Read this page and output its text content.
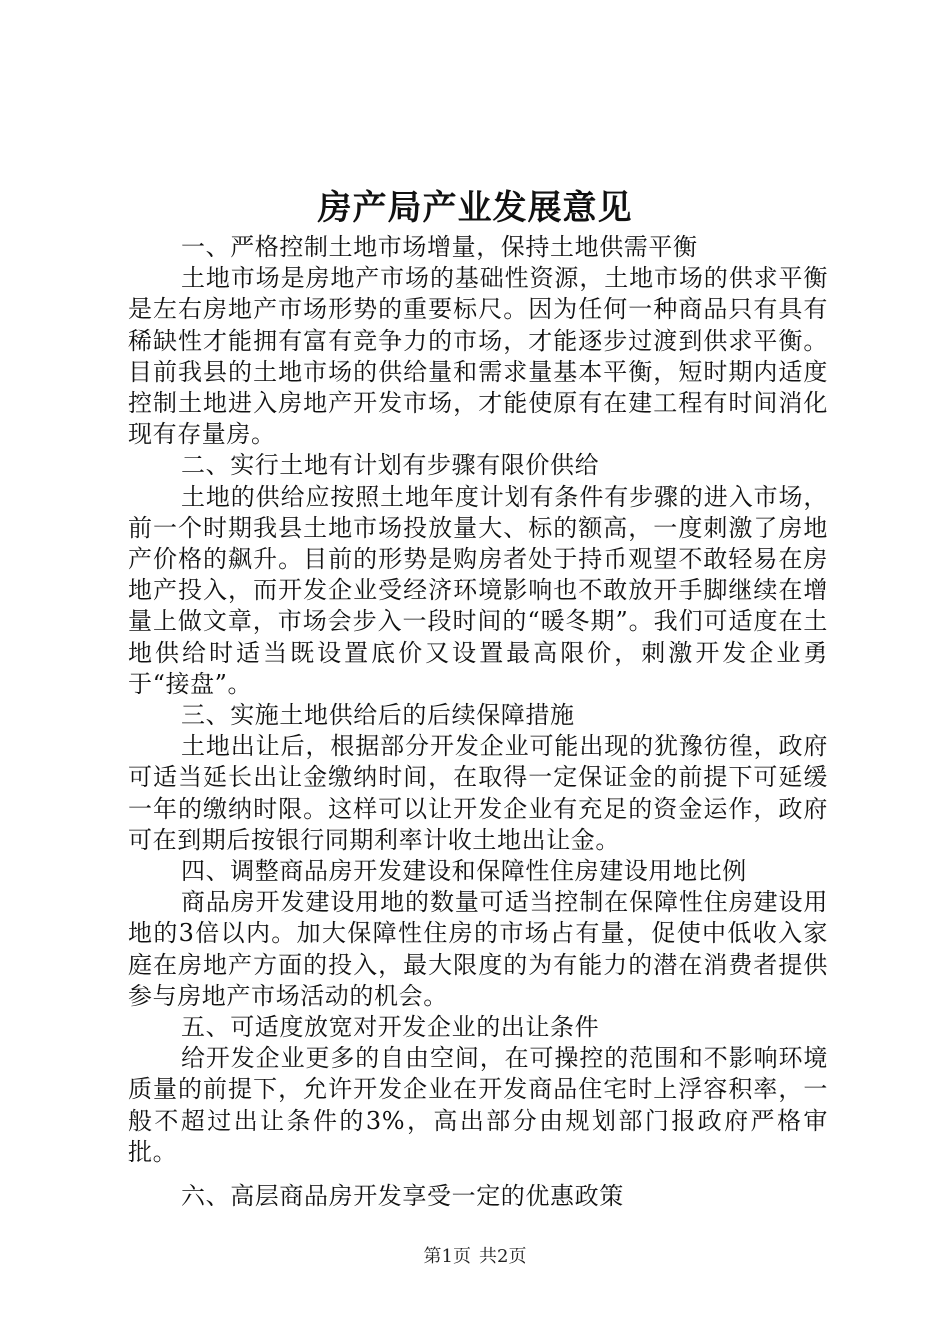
房产局产业发展意见

一、严格控制土地市场增量，保持土地供需平衡

土地市场是房地产市场的基础性资源，土地市场的供求平衡是左右房地产市场形势的重要标尺。因为任何一种商品只有具有稀缺性才能拥有富有竞争力的市场，才能逐步过渡到供求平衡。目前我县的土地市场的供给量和需求量基本平衡，短时期内适度控制土地进入房地产开发市场，才能使原有在建工程有时间消化现有存量房。

二、实行土地有计划有步骤有限价供给

土地的供给应按照土地年度计划有条件有步骤的进入市场，前一个时期我县土地市场投放量大、标的额高，一度刺激了房地产价格的飙升。目前的形势是购房者处于持币观望不敢轻易在房地产投入，而开发企业受经济环境影响也不敢放开手脚继续在增量上做文章，市场会步入一段时间的“暖冬期”。我们可适度在土地供给时适当既设置底价又设置最高限价，刺激开发企业勇于“接盘”。

三、实施土地供给后的后续保障措施

土地出让后，根据部分开发企业可能出现的犹豫彷徨，政府可适当延长出让金缴纳时间，在取得一定保证金的前提下可延缓一年的缴纳时限。这样可以让开发企业有充足的资金运作，政府可在到期后按银行同期利率计收土地出让金。

四、调整商品房开发建设和保障性住房建设用地比例

商品房开发建设用地的数量可适当控制在保障性住房建设用地的3倍以内。加大保障性住房的市场占有量，促使中低收入家庭在房地产方面的投入，最大限度的为有能力的潜在消费者提供参与房地产市场活动的机会。

五、可适度放宽对开发企业的出让条件

给开发企业更多的自由空间，在可操控的范围和不影响环境质量的前提下，允许开发企业在开发商品住宅时上浮容积率，一般不超过出让条件的3%，高出部分由规划部门报政府严格审批。

六、高层商品房开发享受一定的优惠政策

第1页 共2页
